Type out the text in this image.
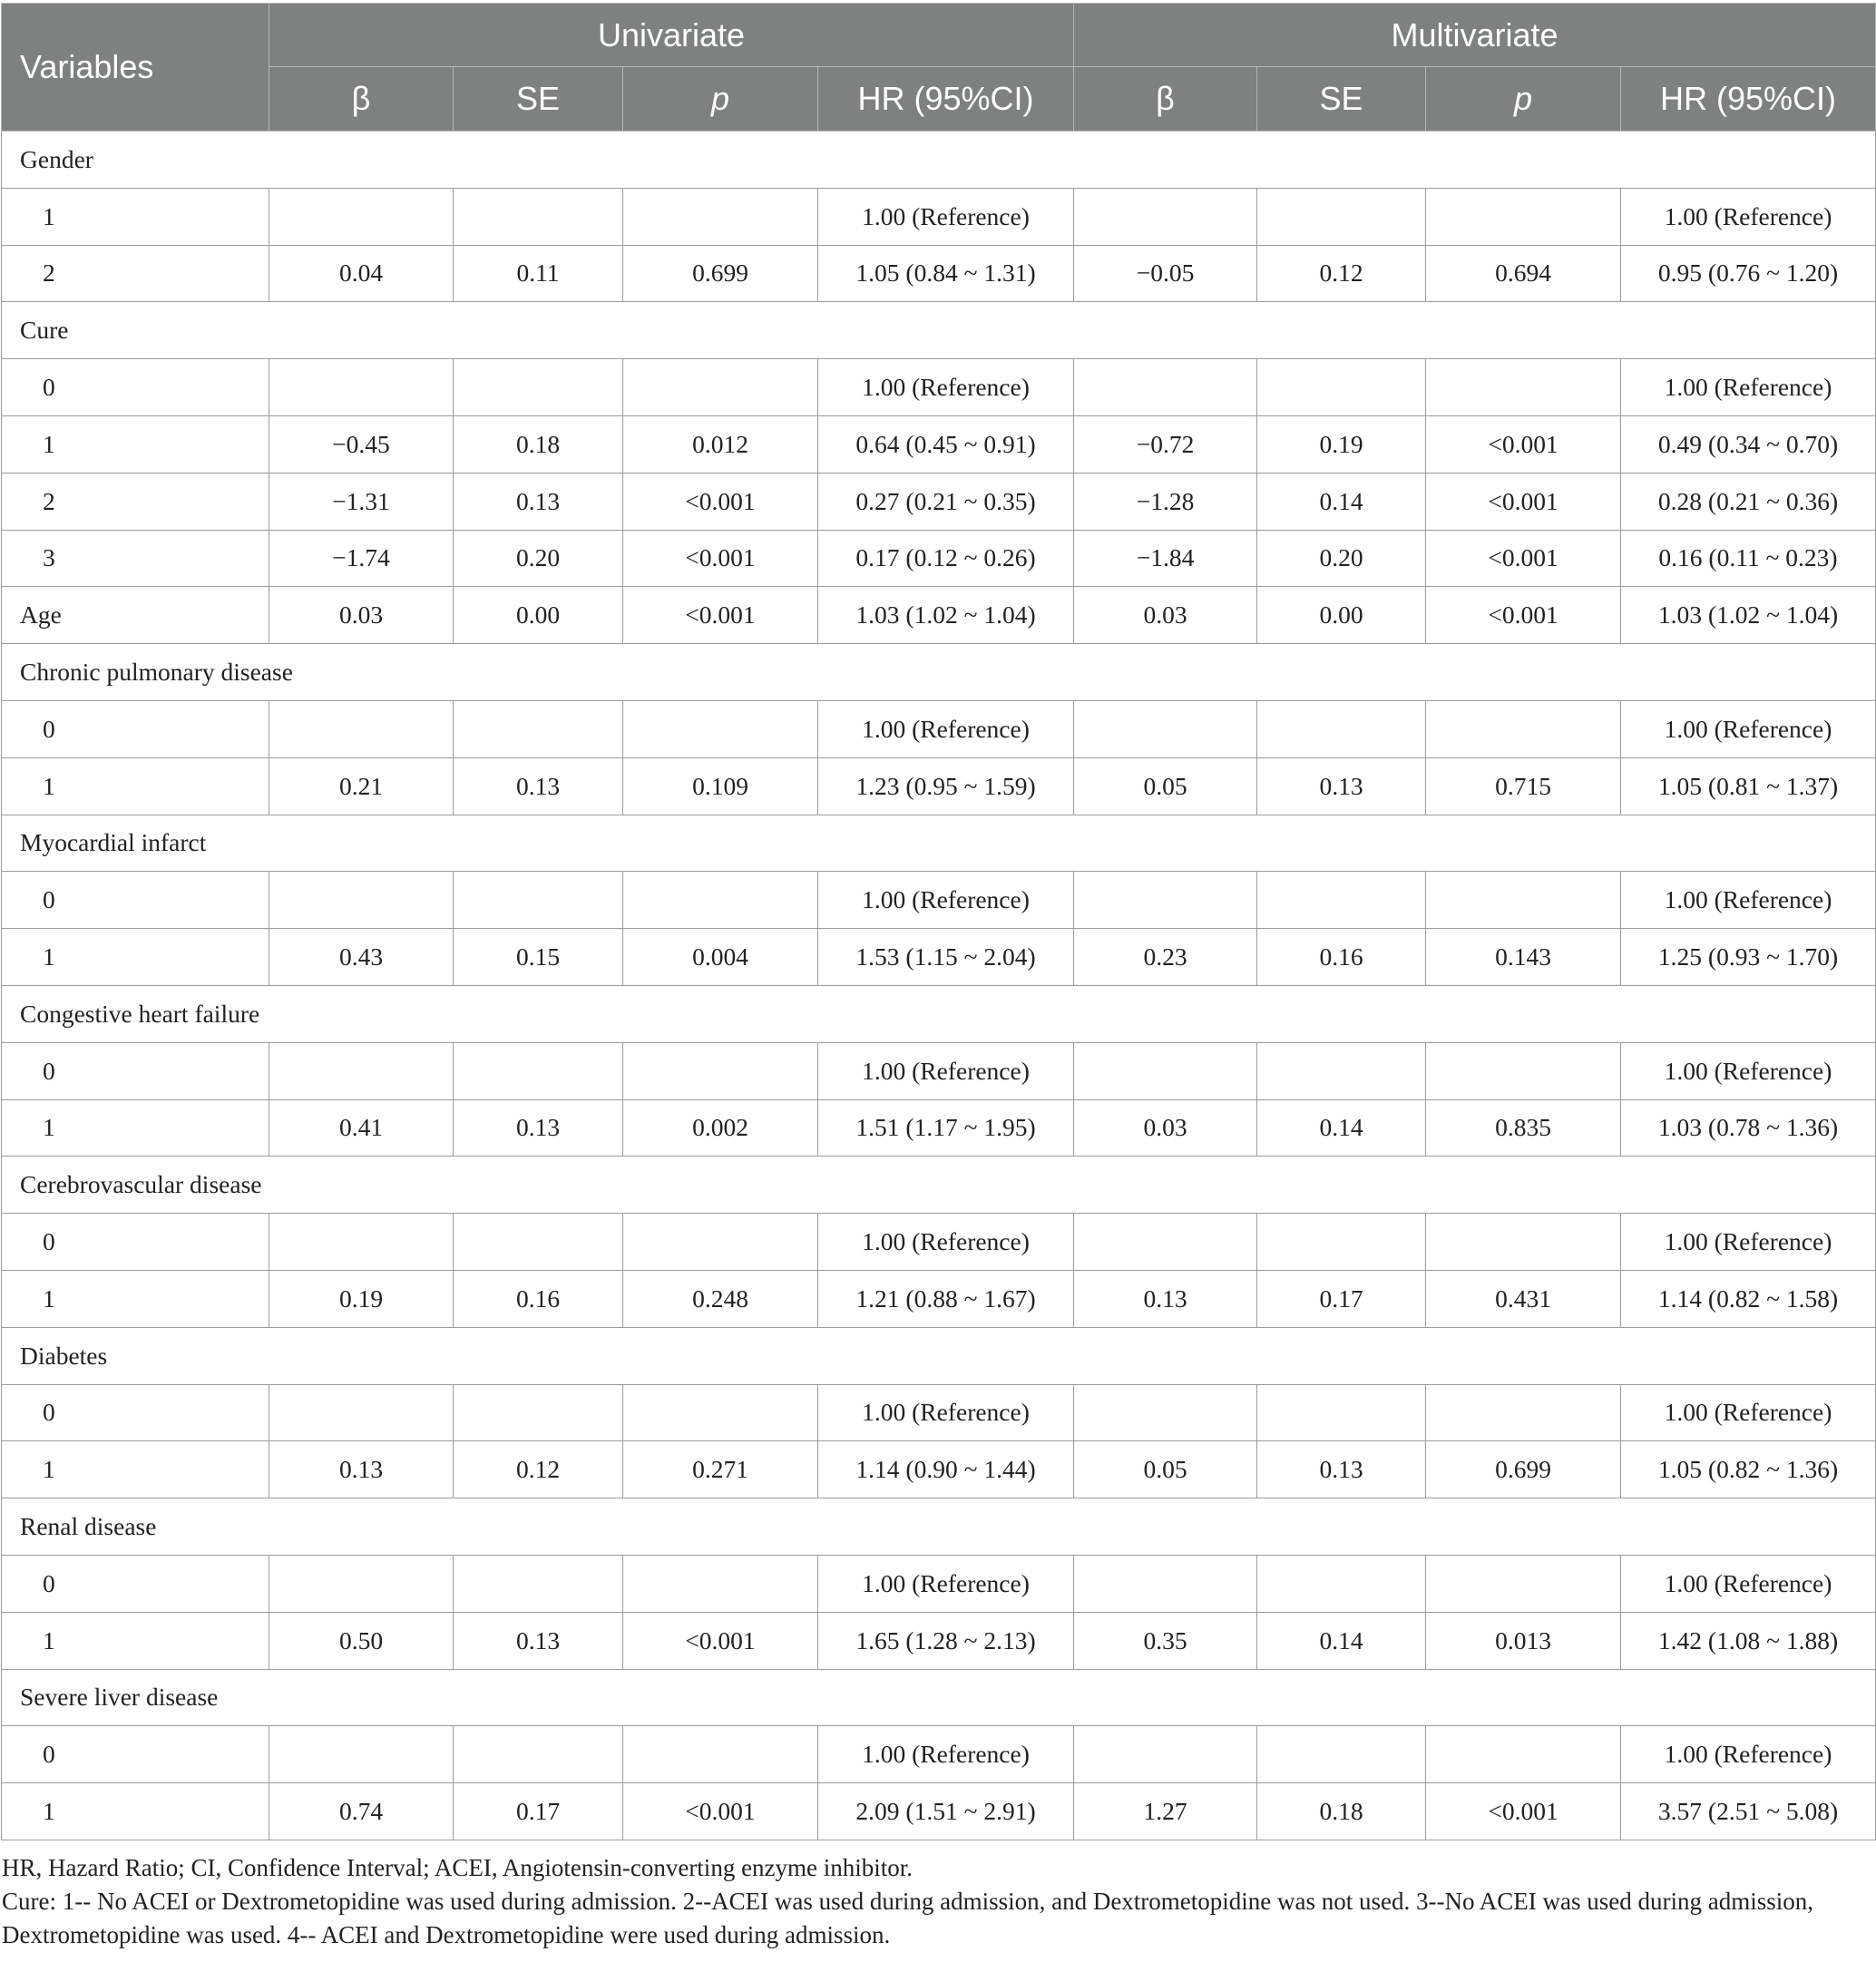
Variables	Univariate				Multivariate			
	β	SE	p	HR (95%CI)	β	SE	p	HR (95%CI)
Gender								
1				1.00 (Reference)				1.00 (Reference)
2	0.04	0.11	0.699	1.05 (0.84 ~ 1.31)	−0.05	0.12	0.694	0.95 (0.76 ~ 1.20)
Cure								
0				1.00 (Reference)				1.00 (Reference)
1	−0.45	0.18	0.012	0.64 (0.45 ~ 0.91)	−0.72	0.19	<0.001	0.49 (0.34 ~ 0.70)
2	−1.31	0.13	<0.001	0.27 (0.21 ~ 0.35)	−1.28	0.14	<0.001	0.28 (0.21 ~ 0.36)
3	−1.74	0.20	<0.001	0.17 (0.12 ~ 0.26)	−1.84	0.20	<0.001	0.16 (0.11 ~ 0.23)
Age	0.03	0.00	<0.001	1.03 (1.02 ~ 1.04)	0.03	0.00	<0.001	1.03 (1.02 ~ 1.04)
Chronic pulmonary disease								
0				1.00 (Reference)				1.00 (Reference)
1	0.21	0.13	0.109	1.23 (0.95 ~ 1.59)	0.05	0.13	0.715	1.05 (0.81 ~ 1.37)
Myocardial infarct								
0				1.00 (Reference)				1.00 (Reference)
1	0.43	0.15	0.004	1.53 (1.15 ~ 2.04)	0.23	0.16	0.143	1.25 (0.93 ~ 1.70)
Congestive heart failure								
0				1.00 (Reference)				1.00 (Reference)
1	0.41	0.13	0.002	1.51 (1.17 ~ 1.95)	0.03	0.14	0.835	1.03 (0.78 ~ 1.36)
Cerebrovascular disease								
0				1.00 (Reference)				1.00 (Reference)
1	0.19	0.16	0.248	1.21 (0.88 ~ 1.67)	0.13	0.17	0.431	1.14 (0.82 ~ 1.58)
Diabetes								
0				1.00 (Reference)				1.00 (Reference)
1	0.13	0.12	0.271	1.14 (0.90 ~ 1.44)	0.05	0.13	0.699	1.05 (0.82 ~ 1.36)
Renal disease								
0				1.00 (Reference)				1.00 (Reference)
1	0.50	0.13	<0.001	1.65 (1.28 ~ 2.13)	0.35	0.14	0.013	1.42 (1.08 ~ 1.88)
Severe liver disease								
0				1.00 (Reference)				1.00 (Reference)
1	0.74	0.17	<0.001	2.09 (1.51 ~ 2.91)	1.27	0.18	<0.001	3.57 (2.51 ~ 5.08)

HR, Hazard Ratio; CI, Confidence Interval; ACEI, Angiotensin-converting enzyme inhibitor.

Cure: 1-- No ACEI or Dextrometopidine was used during admission. 2--ACEI was used during admission, and Dextrometopidine was not used. 3--No ACEI was used during admission, Dextrometopidine was used. 4-- ACEI and Dextrometopidine were used during admission.
